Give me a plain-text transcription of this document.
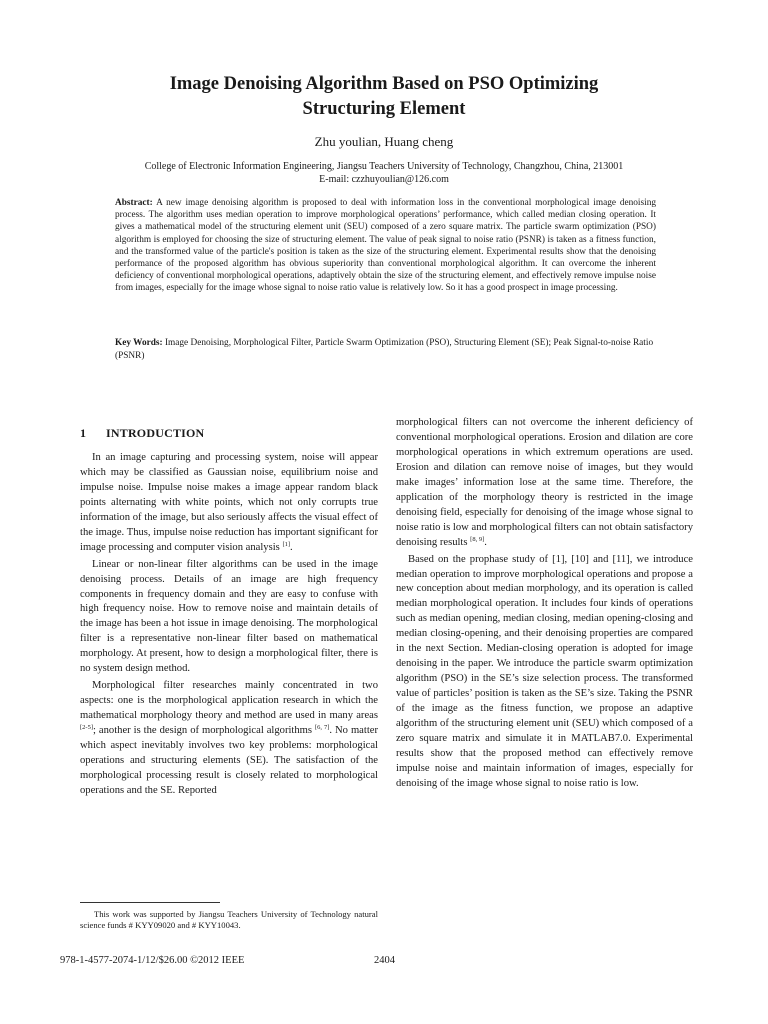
Image Denoising Algorithm Based on PSO Optimizing
Structuring Element
Zhu youlian, Huang cheng
College of Electronic Information Engineering, Jiangsu Teachers University of Technology, Changzhou, China, 213001
E-mail: czzhuyoulian@126.com

Abstract: A new image denoising algorithm is proposed to deal with information loss in the conventional morphological image denoising process. The algorithm uses median operation to improve morphological operations’ performance, which called median closing operation. It gives a mathematical model of the structuring element unit (SEU) composed of a zero square matrix. The particle swarm optimization (PSO) algorithm is employed for choosing the size of structuring element. The value of peak signal to noise ratio (PSNR) is taken as a fitness function, and the transformed value of the particle's position is taken as the size of the structuring element. Experimental results show that the denoising performance of the proposed algorithm has obvious superiority than conventional morphological algorithm. It can overcome the inherent deficiency of conventional morphological operations, adaptively obtain the size of the structuring element, and effectively remove impulse noise from images, especially for the image whose signal to noise ratio value is relatively low. So it has a good prospect in image processing.

Key Words: Image Denoising, Morphological Filter, Particle Swarm Optimization (PSO), Structuring Element (SE); Peak Signal-to-noise Ratio (PSNR)

1 INTRODUCTION

In an image capturing and processing system, noise will appear which may be classified as Gaussian noise, equilibrium noise and impulse noise. Impulse noise makes a image appear random black points alternating with white points, which not only corrupts true information of the image, but also seriously affects the visual effect of the image. Thus, impulse noise reduction has important significant for image processing and computer vision analysis [1].

Linear or non-linear filter algorithms can be used in the image denoising process. Details of an image are high frequency components in frequency domain and they are easy to confuse with high frequency noise. How to remove noise and maintain details of the image has been a hot issue in image denoising. The morphological filter is a representative non-linear filter based on mathematical morphology. At present, how to design a morphological filter, there is no system design method.

Morphological filter researches mainly concentrated in two aspects: one is the morphological application research in which the mathematical morphology theory and method are used in many areas [2-5]; another is the design of morphological algorithms [6, 7]. No matter which aspect inevitably involves two key problems: morphological operations and structuring elements (SE). The satisfaction of the morphological processing result is closely related to morphological operations and the SE. Reported

morphological filters can not overcome the inherent deficiency of conventional morphological operations. Erosion and dilation are core morphological operations in which extremum operations are used. Erosion and dilation can remove noise of images, but they would make images’ information lose at the same time. Therefore, the application of the morphology theory is restricted in the image denoising field, especially for denoising of the image whose signal to noise ratio is low and morphological filters can not obtain satisfactory denoising results [8, 9].

Based on the prophase study of [1], [10] and [11], we introduce median operation to improve morphological operations and propose a new conception about median morphology, and its operation is called median morphological operation. It includes four kinds of operations such as median opening, median closing, median opening-closing and median closing-opening, and their denoising properties are compared in the next Section. Median-closing operation is adopted for image denoising in the paper. We introduce the particle swarm optimization algorithm (PSO) in the SE’s size selection process. The transformed value of particles’ position is taken as the SE’s size. Taking the PSNR of the image as the fitness function, we propose an adaptive algorithm of the structuring element unit (SEU) which composed of a zero square matrix and simulate it in MATLAB7.0. Experimental results show that the proposed method can effectively remove impulse noise and maintain information of images, especially for denoising of the image whose signal to noise ratio is low.

This work was supported by Jiangsu Teachers University of Technology natural science funds # KYY09020 and # KYY10043.

978-1-4577-2074-1/12/$26.00 ©2012 IEEE	2404
